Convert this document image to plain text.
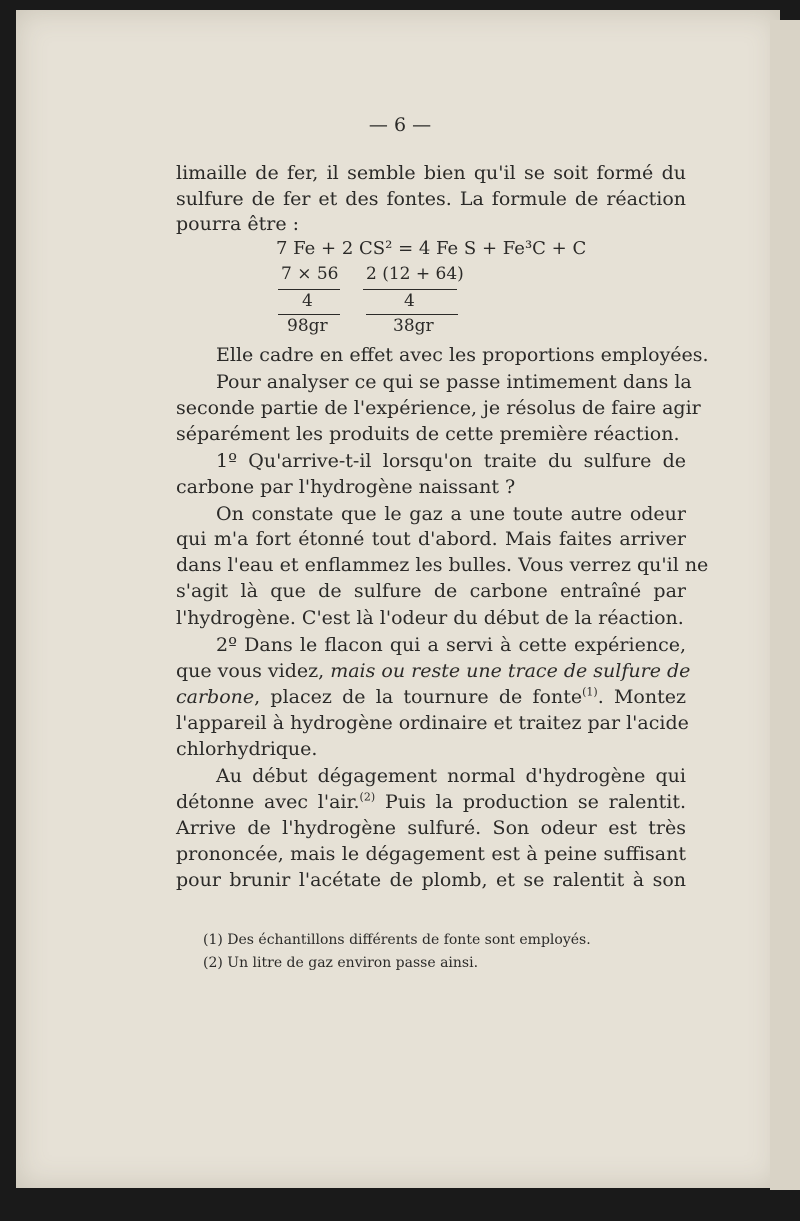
— 6 —
limaille de fer, il semble bien qu'il se soit formé du
sulfure de fer et des fontes. La formule de réaction
pourra être :
7 Fe + 2 CS² = 4 Fe S + Fe³C + C
7 × 56
4
98gr
2 (12 + 64)
4
38gr
Elle cadre en effet avec les proportions employées.
Pour analyser ce qui se passe intimement dans la
seconde partie de l'expérience, je résolus de faire agir
séparément les produits de cette première réaction.
1º Qu'arrive-t-il lorsqu'on traite du sulfure de
carbone par l'hydrogène naissant ?
On constate que le gaz a une toute autre odeur
qui m'a fort étonné tout d'abord. Mais faites arriver
dans l'eau et enflammez les bulles. Vous verrez qu'il ne
s'agit là que de sulfure de carbone entraîné par
l'hydrogène. C'est là l'odeur du début de la réaction.
2º Dans le flacon qui a servi à cette expérience,
que vous videz, mais ou reste une trace de sulfure de
carbone, placez de la tournure de fonte$^{(1)}$. Montez
l'appareil à hydrogène ordinaire et traitez par l'acide
chlorhydrique.
Au début dégagement normal d'hydrogène qui
détonne avec l'air.$^{(2)}$ Puis la production se ralentit.
Arrive de l'hydrogène sulfuré. Son odeur est très
prononcée, mais le dégagement est à peine suffisant
pour brunir l'acétate de plomb, et se ralentit à son
(1) Des échantillons différents de fonte sont employés.
(2) Un litre de gaz environ passe ainsi.
